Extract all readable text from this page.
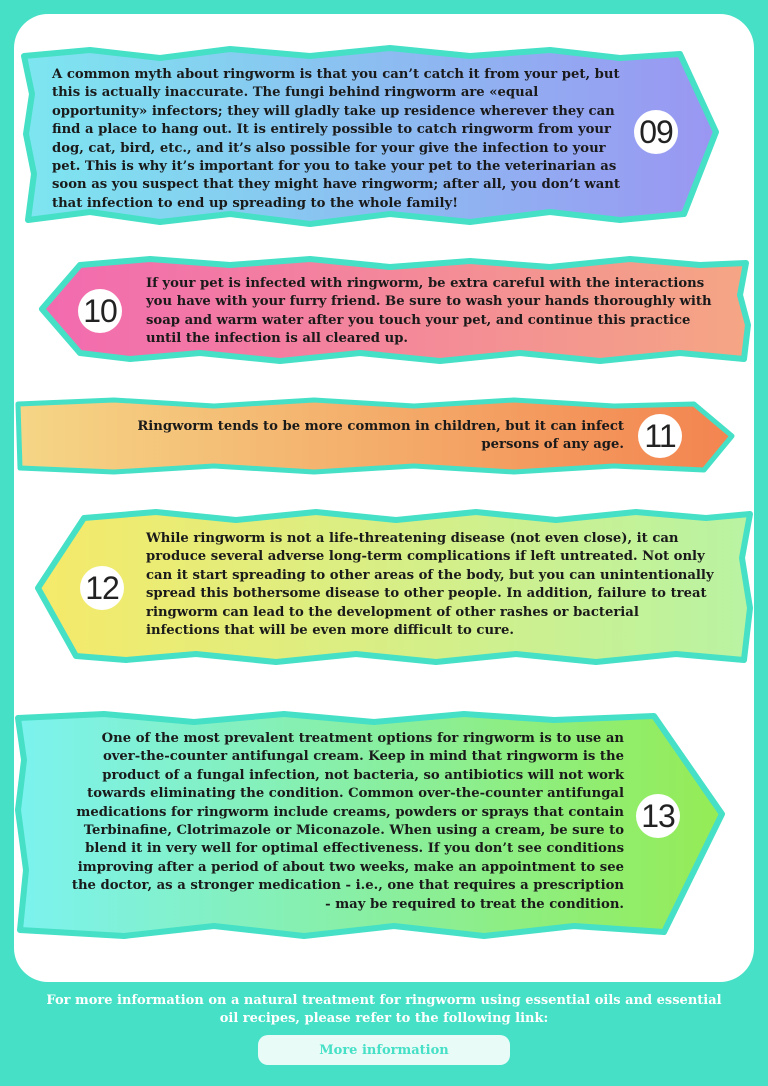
A common myth about ringworm is that you can’t catch it from your pet, but this is actually inaccurate. The fungi behind ringworm are «equal opportunity» infectors; they will gladly take up residence wherever they can find a place to hang out. It is entirely possible to catch ringworm from your dog, cat, bird, etc., and it’s also possible for your give the infection to your pet. This is why it’s important for you to take your pet to the veterinarian as soon as you suspect that they might have ringworm; after all, you don’t want that infection to end up spreading to the whole family!
09
10
If your pet is infected with ringworm, be extra careful with the interactions you have with your furry friend. Be sure to wash your hands thoroughly with soap and warm water after you touch your pet, and continue this practice until the infection is all cleared up.
Ringworm tends to be more common in children, but it can infect persons of any age. 11
12
While ringworm is not a life-threatening disease (not even close), it can produce several adverse long-term complications if left untreated. Not only can it start spreading to other areas of the body, but you can unintentionally spread this bothersome disease to other people. In addition, failure to treat ringworm can lead to the development of other rashes or bacterial infections that will be even more difficult to cure.
One of the most prevalent treatment options for ringworm is to use an over-the-counter antifungal cream. Keep in mind that ringworm is the product of a fungal infection, not bacteria, so antibiotics will not work towards eliminating the condition. Common over-the-counter antifungal medications for ringworm include creams, powders or sprays that contain Terbinafine, Clotrimazole or Miconazole. When using a cream, be sure to blend it in very well for optimal effectiveness. If you don’t see conditions improving after a period of about two weeks, make an appointment to see the doctor, as a stronger medication - i.e., one that requires a prescription - may be required to treat the condition.
13
For more information on a natural treatment for ringworm using essential oils and essential oil recipes, please refer to the following link:
More information
